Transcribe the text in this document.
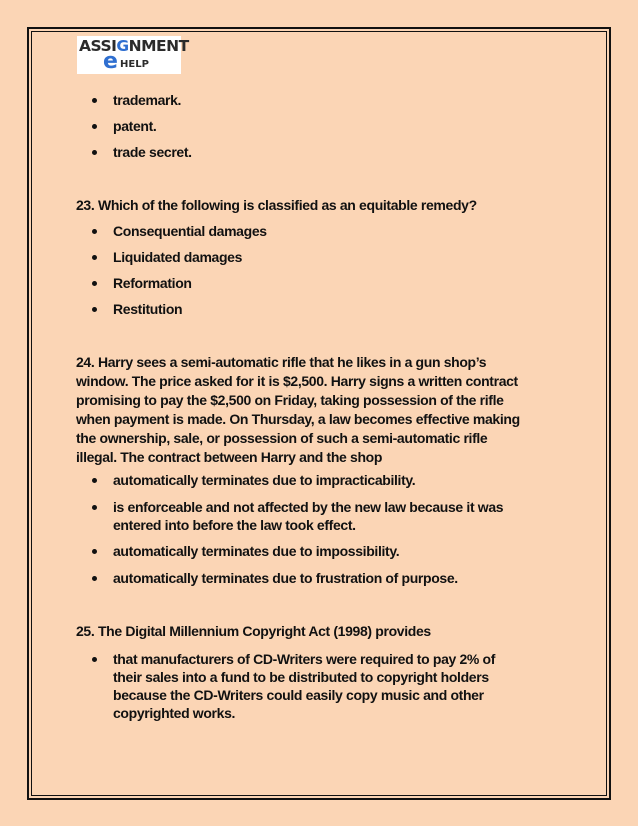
ASSIGNMENT
e HELP
trademark.
patent.
trade secret.
23. Which of the following is classified as an equitable remedy?
Consequential damages
Liquidated damages
Reformation
Restitution
24. Harry sees a semi-automatic rifle that he likes in a gun shop’s
window. The price asked for it is $2,500. Harry signs a written contract
promising to pay the $2,500 on Friday, taking possession of the rifle
when payment is made. On Thursday, a law becomes effective making
the ownership, sale, or possession of such a semi-automatic rifle
illegal. The contract between Harry and the shop
automatically terminates due to impracticability.
is enforceable and not affected by the new law because it was
entered into before the law took effect.
automatically terminates due to impossibility.
automatically terminates due to frustration of purpose.
25. The Digital Millennium Copyright Act (1998) provides
that manufacturers of CD-Writers were required to pay 2% of
their sales into a fund to be distributed to copyright holders
because the CD-Writers could easily copy music and other
copyrighted works.
